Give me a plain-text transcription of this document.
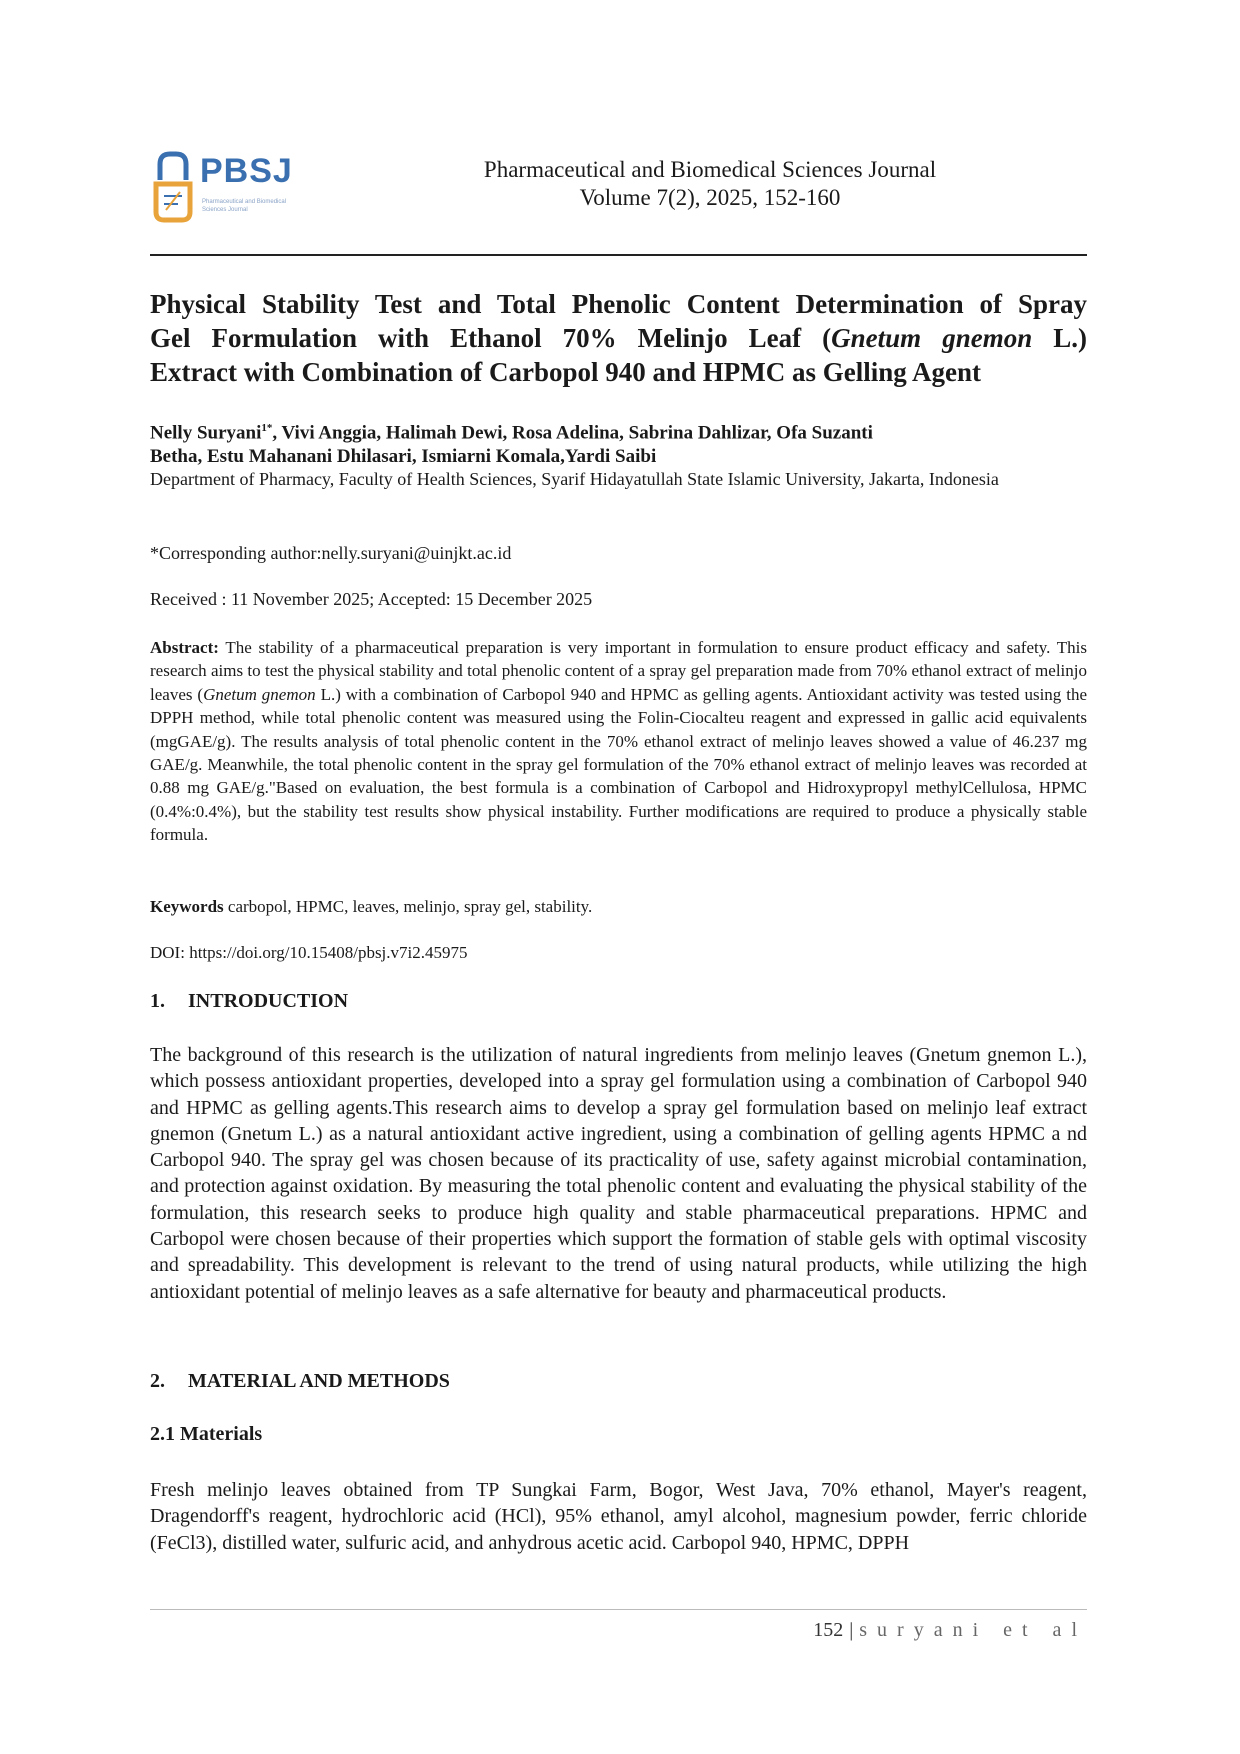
PBSJ
Pharmaceutical and Biomedical Sciences Journal
Pharmaceutical and Biomedical Sciences Journal
Volume 7(2), 2025, 152-160
Physical Stability Test and Total Phenolic Content Determination of Spray
Gel Formulation with Ethanol 70% Melinjo Leaf (Gnetum gnemon L.)
Extract with Combination of Carbopol 940 and HPMC as Gelling Agent
Nelly Suryani$^{1*}$, Vivi Anggia, Halimah Dewi, Rosa Adelina, Sabrina Dahlizar, Ofa Suzanti
Betha, Estu Mahanani Dhilasari, Ismiarni Komala,Yardi Saibi
Department of Pharmacy, Faculty of Health Sciences, Syarif Hidayatullah State Islamic University, Jakarta, Indonesia
*Corresponding author:nelly.suryani@uinjkt.ac.id
Received : 11 November 2025; Accepted: 15 December 2025
Abstract: The stability of a pharmaceutical preparation is very important in formulation to ensure product efficacy and safety. This research aims to test the physical stability and total phenolic content of a spray gel preparation made from 70% ethanol extract of melinjo leaves (Gnetum gnemon L.) with a combination of Carbopol 940 and HPMC as gelling agents. Antioxidant activity was tested using the DPPH method, while total phenolic content was measured using the Folin-Ciocalteu reagent and expressed in gallic acid equivalents (mgGAE/g). The results analysis of total phenolic content in the 70% ethanol extract of melinjo leaves showed a value of 46.237 mg GAE/g. Meanwhile, the total phenolic content in the spray gel formulation of the 70% ethanol extract of melinjo leaves was recorded at 0.88 mg GAE/g."Based on evaluation, the best formula is a combination of Carbopol and Hidroxypropyl methylCellulosa, HPMC (0.4%:0.4%), but the stability test results show physical instability. Further modifications are required to produce a physically stable formula.
Keywords carbopol, HPMC, leaves, melinjo, spray gel, stability.
DOI: https://doi.org/10.15408/pbsj.v7i2.45975
1. INTRODUCTION
The background of this research is the utilization of natural ingredients from melinjo leaves (Gnetum gnemon L.), which possess antioxidant properties, developed into a spray gel formulation using a combination of Carbopol 940 and HPMC as gelling agents.This research aims to develop a spray gel formulation based on melinjo leaf extract gnemon (Gnetum L.) as a natural antioxidant active ingredient, using a combination of gelling agents HPMC a nd Carbopol 940. The spray gel was chosen because of its practicality of use, safety against microbial contamination, and protection against oxidation. By measuring the total phenolic content and evaluating the physical stability of the formulation, this research seeks to produce high quality and stable pharmaceutical preparations. HPMC and Carbopol were chosen because of their properties which support the formation of stable gels with optimal viscosity and spreadability. This development is relevant to the trend of using natural products, while utilizing the high antioxidant potential of melinjo leaves as a safe alternative for beauty and pharmaceutical products.
2. MATERIAL AND METHODS
2.1 Materials
Fresh melinjo leaves obtained from TP Sungkai Farm, Bogor, West Java, 70% ethanol, Mayer's reagent, Dragendorff's reagent, hydrochloric acid (HCl), 95% ethanol, amyl alcohol, magnesium powder, ferric chloride (FeCl3), distilled water, sulfuric acid, and anhydrous acetic acid. Carbopol 940, HPMC, DPPH
152 | suryani et al
